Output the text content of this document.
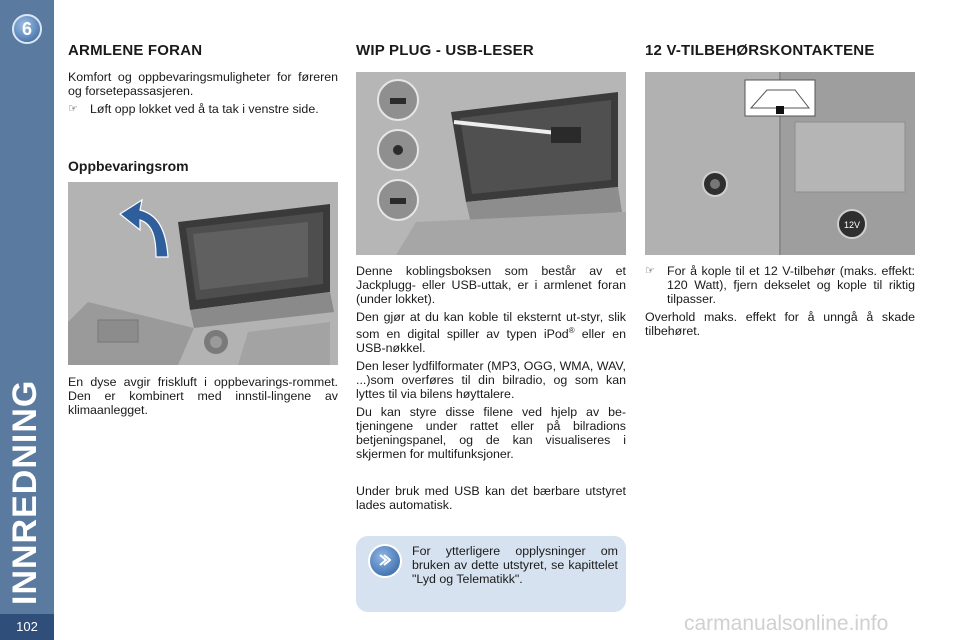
6
INNREDNING
102
ARMLENE FORAN

Komfort og oppbevaringsmuligheter for føreren og forsetepassasjeren.

☞ Løft opp lokket ved å ta tak i venstre side.
Oppbevaringsrom
En dyse avgir friskluft i oppbevarings-rommet. Den er kombinert med innstil-lingene av klimaanlegget.
WIP PLUG - USB-LESER

Denne koblingsboksen som består av et Jackplugg- eller USB-uttak, er i armlenet foran (under lokket).

Den gjør at du kan koble til eksternt ut-styr, slik som en digital spiller av typen iPod® eller en USB-nøkkel.

Den leser lydfilformater (MP3, OGG, WMA, WAV, ...)som overføres til din bilradio, og som kan lyttes til via bilens høyttalere.

Du kan styre disse filene ved hjelp av be-tjeningene under rattet eller på bilradions betjeningspanel, og de kan visualiseres i skjermen for multifunksjoner.

Under bruk med USB kan det bærbare utstyret lades automatisk.
For ytterligere opplysninger om bruken av dette utstyret, se kapittelet "Lyd og Telematikk".
12 V-TILBEHØRSKONTAKTENE
12V
☞ For å kople til et 12 V-tilbehør (maks. effekt: 120 Watt), fjern dekselet og kople til riktig tilpasser.

Overhold maks. effekt for å unngå å skade tilbehøret.

carmanualsonline.info
